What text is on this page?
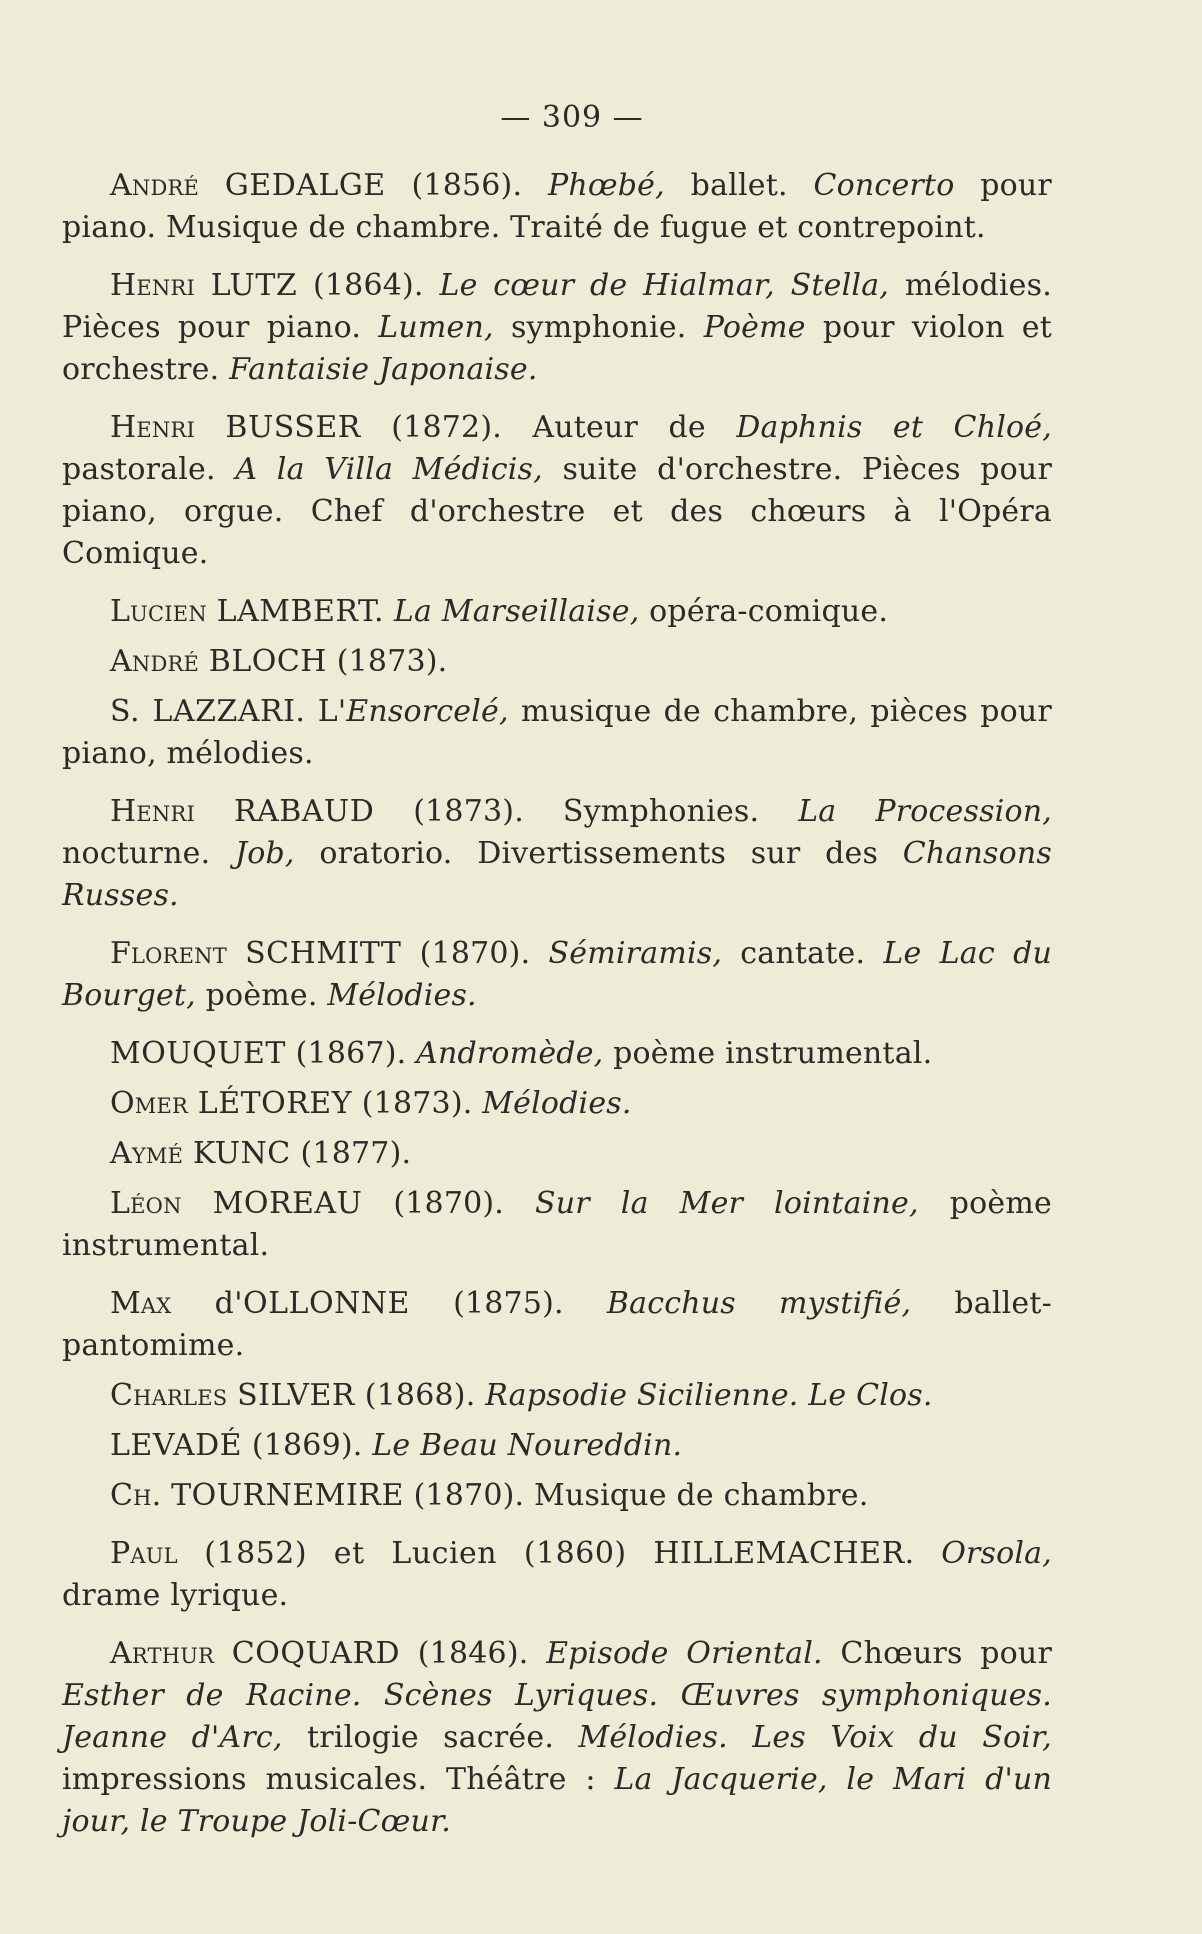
— 309 —

André GEDALGE (1856). Phœbé, ballet. Concerto pour piano. Musique de chambre. Traité de fugue et contrepoint.

Henri LUTZ (1864). Le cœur de Hialmar, Stella, mélodies. Pièces pour piano. Lumen, symphonie. Poème pour violon et orchestre. Fantaisie Japonaise.

Henri BUSSER (1872). Auteur de Daphnis et Chloé, pastorale. A la Villa Médicis, suite d'orchestre. Pièces pour piano, orgue. Chef d'orchestre et des chœurs à l'Opéra Comique.

Lucien LAMBERT. La Marseillaise, opéra-comique.

André BLOCH (1873).

S. LAZZARI. L'Ensorcelé, musique de chambre, pièces pour piano, mélodies.

Henri RABAUD (1873). Symphonies. La Procession, nocturne. Job, oratorio. Divertissements sur des Chansons Russes.

Florent SCHMITT (1870). Sémiramis, cantate. Le Lac du Bourget, poème. Mélodies.

MOUQUET (1867). Andromède, poème instrumental.

Omer LÉTOREY (1873). Mélodies.

Aymé KUNC (1877).

Léon MOREAU (1870). Sur la Mer lointaine, poème instrumental.

Max d'OLLONNE (1875). Bacchus mystifié, ballet-pantomime.

Charles SILVER (1868). Rapsodie Sicilienne. Le Clos.

LEVADÉ (1869). Le Beau Noureddin.

Ch. TOURNEMIRE (1870). Musique de chambre.

Paul (1852) et Lucien (1860) HILLEMACHER. Orsola, drame lyrique.

Arthur COQUARD (1846). Episode Oriental. Chœurs pour Esther de Racine. Scènes Lyriques. Œuvres symphoniques. Jeanne d'Arc, trilogie sacrée. Mélodies. Les Voix du Soir, impressions musicales. Théâtre : La Jacquerie, le Mari d'un jour, le Troupe Joli-Cœur.
